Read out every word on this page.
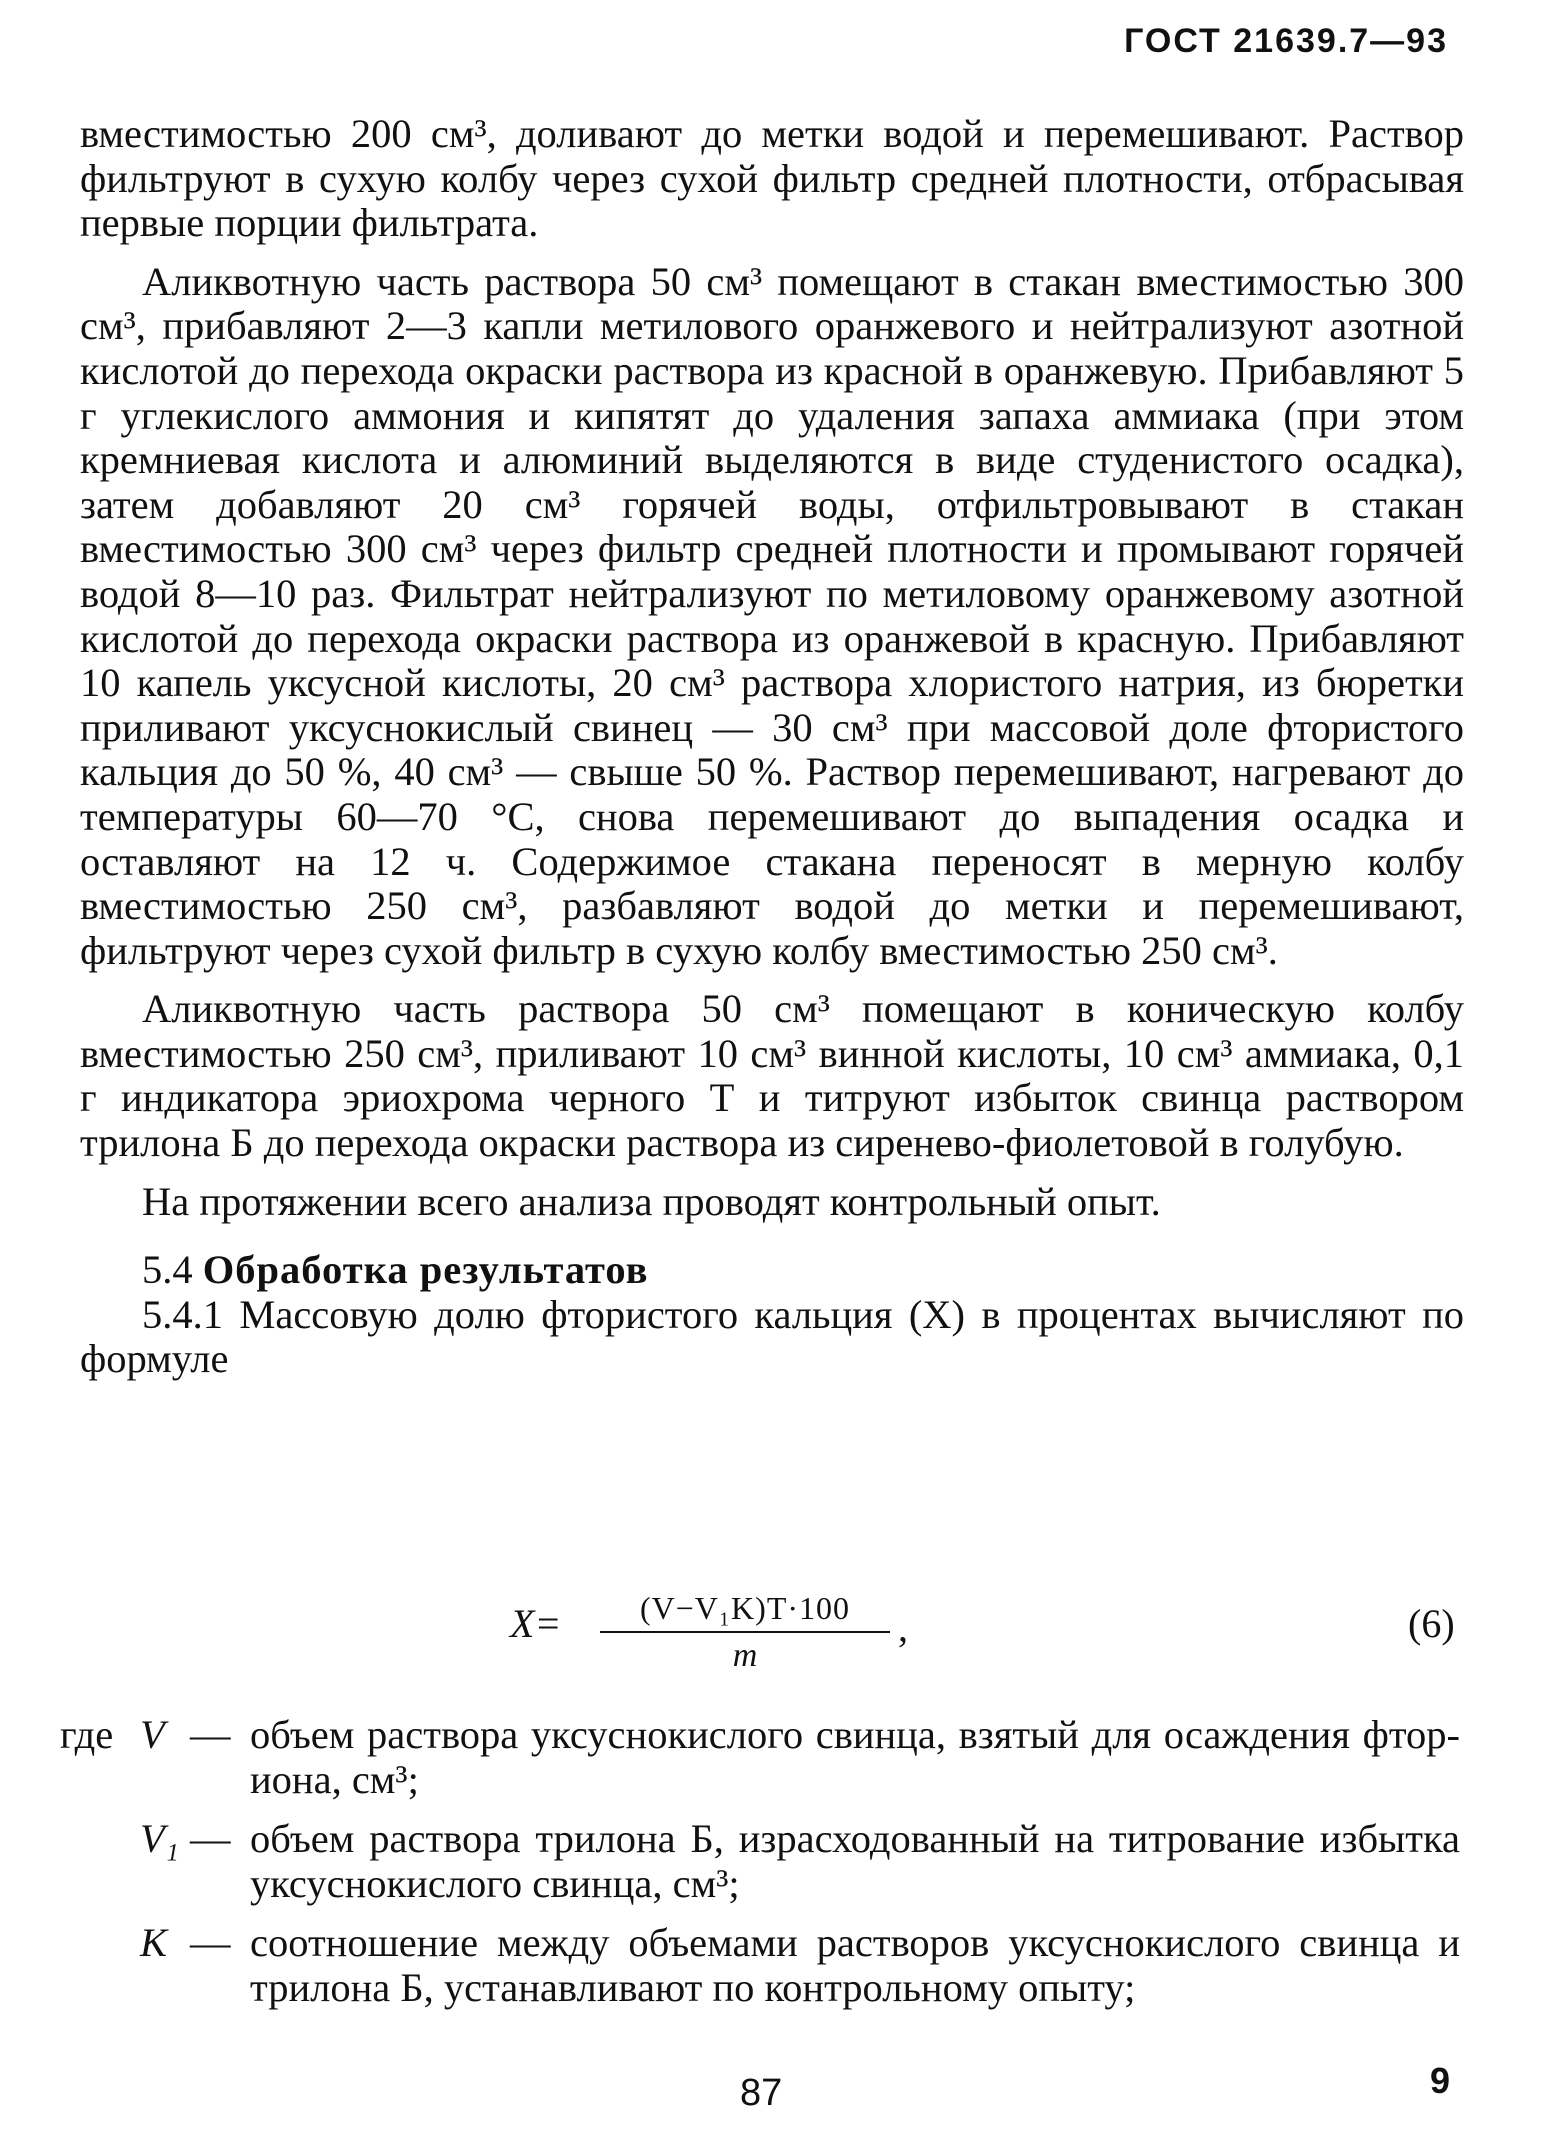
ГОСТ 21639.7—93

вместимостью 200 см³, доливают до метки водой и перемешивают. Раствор фильтруют в сухую колбу через сухой фильтр средней плотности, отбрасывая первые порции фильтрата.

Аликвотную часть раствора 50 см³ помещают в стакан вместимостью 300 см³, прибавляют 2—3 капли метилового оранжевого и нейтрализуют азотной кислотой до перехода окраски раствора из красной в оранжевую. Прибавляют 5 г углекислого аммония и кипятят до удаления запаха аммиака (при этом кремниевая кислота и алюминий выделяются в виде студенистого осадка), затем добавляют 20 см³ горячей воды, отфильтровывают в стакан вместимостью 300 см³ через фильтр средней плотности и промывают горячей водой 8—10 раз. Фильтрат нейтрализуют по метиловому оранжевому азотной кислотой до перехода окраски раствора из оранжевой в красную. Прибавляют 10 капель уксусной кислоты, 20 см³ раствора хлористого натрия, из бюретки приливают уксуснокислый свинец — 30 см³ при массовой доле фтористого кальция до 50 %, 40 см³ — свыше 50 %. Раствор перемешивают, нагревают до температуры 60—70 °С, снова перемешивают до выпадения осадка и оставляют на 12 ч. Содержимое стакана переносят в мерную колбу вместимостью 250 см³, разбавляют водой до метки и перемешивают, фильтруют через сухой фильтр в сухую колбу вместимостью 250 см³.

Аликвотную часть раствора 50 см³ помещают в коническую колбу вместимостью 250 см³, приливают 10 см³ винной кислоты, 10 см³ аммиака, 0,1 г индикатора эриохрома черного Т и титруют избыток свинца раствором трилона Б до перехода окраски раствора из сиренево-фиолетовой в голубую.

На протяжении всего анализа проводят контрольный опыт.

5.4 Обработка результатов

5.4.1 Массовую долю фтористого кальция (X) в процентах вычисляют по формуле

$X= \frac{\text{(V−V₁K)T·100}}{m}$ ,	(6)
где V — объем раствора уксуснокислого свинца, взятый для осаждения фтор-иона, см³;
V₁ — объем раствора трилона Б, израсходованный на титрование избытка уксуснокислого свинца, см³;
K — соотношение между объемами растворов уксуснокислого свинца и трилона Б, устанавливают по контрольному опыту;
87	9
